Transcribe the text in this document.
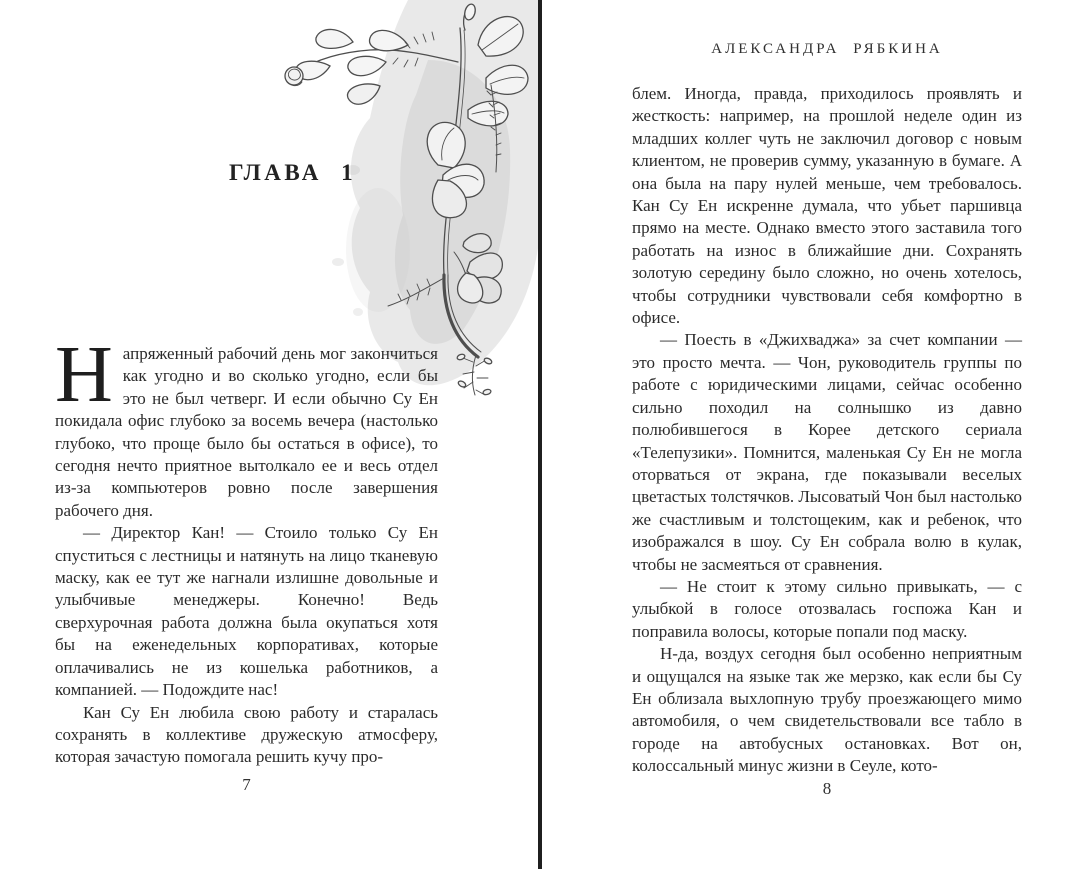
ГЛАВА 1

Напряженный рабочий день мог закончиться как угодно и во сколько угодно, если бы это не был четверг. И если обычно Су Ен покидала офис глубоко за восемь вечера (настолько глубоко, что проще было бы остаться в офисе), то сегодня нечто приятное вытолкало ее и весь отдел из-за компьютеров ровно после завершения рабочего дня.

— Директор Кан! — Стоило только Су Ен спуститься с лестницы и натянуть на лицо тканевую маску, как ее тут же нагнали излишне довольные и улыбчивые менеджеры. Конечно! Ведь сверхурочная работа должна была окупаться хотя бы на еженедельных корпоративах, которые оплачивались не из кошелька работников, а компанией. — Подождите нас!

Кан Су Ен любила свою работу и старалась сохранять в коллективе дружескую атмосферу, которая зачастую помогала решить кучу про-

7
АЛЕКСАНДРА РЯБКИНА

блем. Иногда, правда, приходилось проявлять и жесткость: например, на прошлой неделе один из младших коллег чуть не заключил договор с новым клиентом, не проверив сумму, указанную в бумаге. А она была на пару нулей меньше, чем требовалось. Кан Су Ен искренне думала, что убьет паршивца прямо на месте. Однако вместо этого заставила того работать на износ в ближайшие дни. Сохранять золотую середину было сложно, но очень хотелось, чтобы сотрудники чувствовали себя комфортно в офисе.

— Поесть в «Джихваджа» за счет компании — это просто мечта. — Чон, руководитель группы по работе с юридическими лицами, сейчас особенно сильно походил на солнышко из давно полюбившегося в Корее детского сериала «Телепузики». Помнится, маленькая Су Ен не могла оторваться от экрана, где показывали веселых цветастых толстячков. Лысоватый Чон был настолько же счастливым и толстощеким, как и ребенок, что изображался в шоу. Су Ен собрала волю в кулак, чтобы не засмеяться от сравнения.

— Не стоит к этому сильно привыкать, — с улыбкой в голосе отозвалась госпожа Кан и поправила волосы, которые попали под маску.

Н-да, воздух сегодня был особенно неприятным и ощущался на языке так же мерзко, как если бы Су Ен облизала выхлопную трубу проезжающего мимо автомобиля, о чем свидетельствовали все табло в городе на автобусных остановках. Вот он, колоссальный минус жизни в Сеуле, кото-

8
